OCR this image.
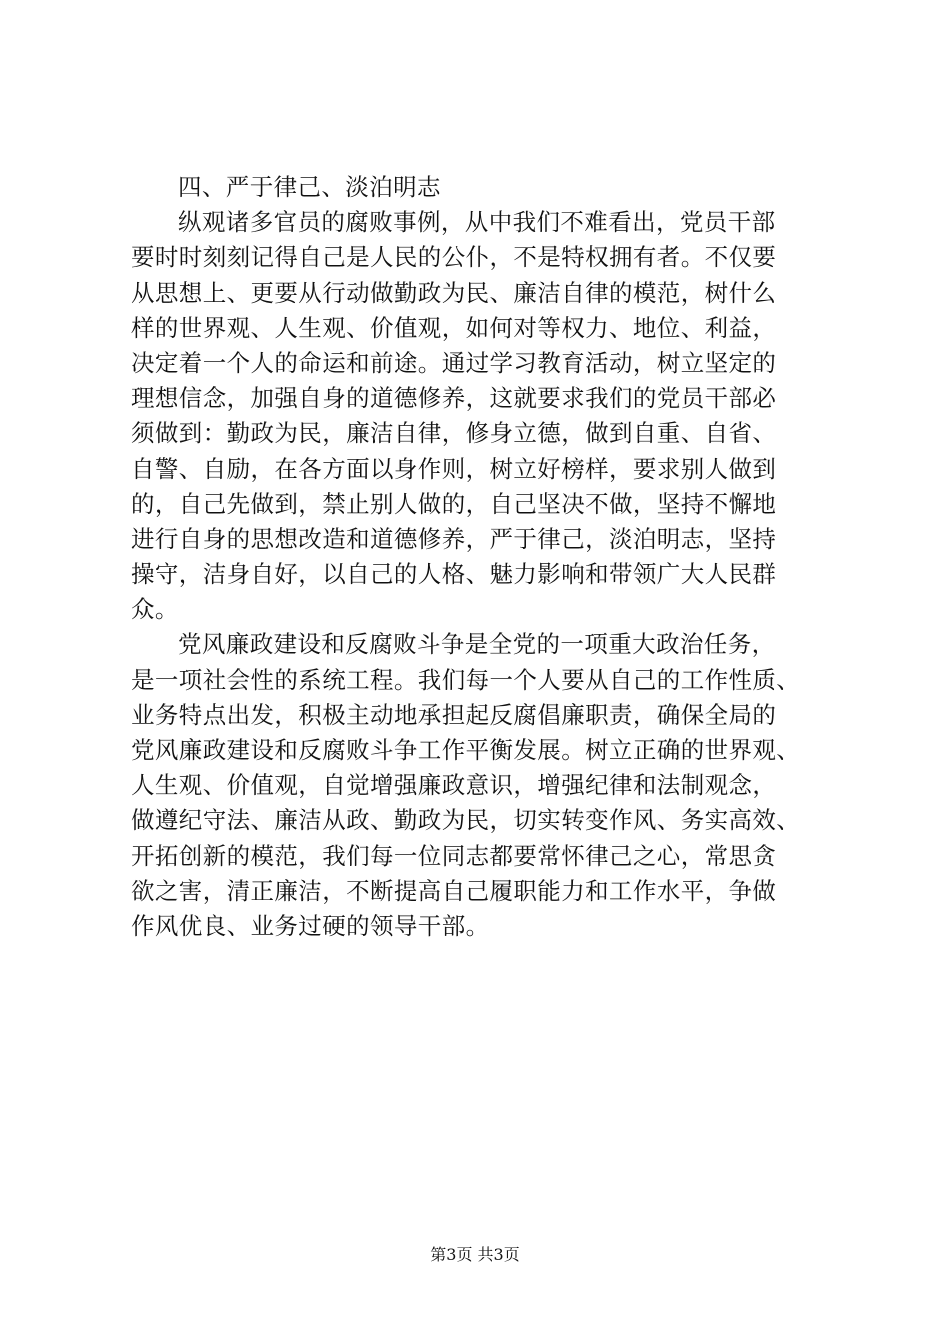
四、严于律己、淡泊明志
纵观诸多官员的腐败事例，从中我们不难看出，党员干部
要时时刻刻记得自己是人民的公仆，不是特权拥有者。不仅要
从思想上、更要从行动做勤政为民、廉洁自律的模范，树什么
样的世界观、人生观、价值观，如何对等权力、地位、利益，
决定着一个人的命运和前途。通过学习教育活动，树立坚定的
理想信念，加强自身的道德修养，这就要求我们的党员干部必
须做到：勤政为民，廉洁自律，修身立德，做到自重、自省、
自警、自励，在各方面以身作则，树立好榜样，要求别人做到
的，自己先做到，禁止别人做的，自己坚决不做，坚持不懈地
进行自身的思想改造和道德修养，严于律己，淡泊明志，坚持
操守，洁身自好，以自己的人格、魅力影响和带领广大人民群
众。
党风廉政建设和反腐败斗争是全党的一项重大政治任务，
是一项社会性的系统工程。我们每一个人要从自己的工作性质、
业务特点出发，积极主动地承担起反腐倡廉职责，确保全局的
党风廉政建设和反腐败斗争工作平衡发展。树立正确的世界观、
人生观、价值观，自觉增强廉政意识，增强纪律和法制观念，
做遵纪守法、廉洁从政、勤政为民，切实转变作风、务实高效、
开拓创新的模范，我们每一位同志都要常怀律己之心，常思贪
欲之害，清正廉洁，不断提高自己履职能力和工作水平，争做
作风优良、业务过硬的领导干部。
第3页 共3页
